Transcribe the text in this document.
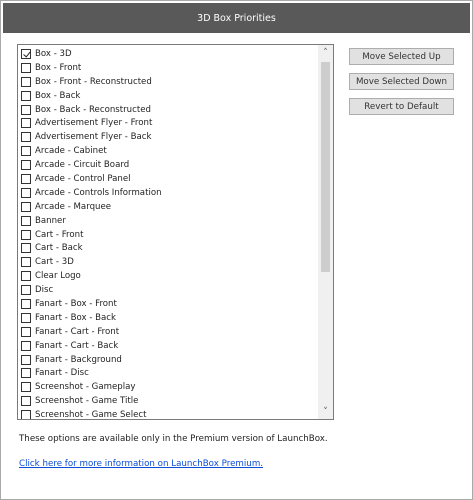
3D Box Priorities
Box - 3D
Box - Front
Box - Front - Reconstructed
Box - Back
Box - Back - Reconstructed
Advertisement Flyer - Front
Advertisement Flyer - Back
Arcade - Cabinet
Arcade - Circuit Board
Arcade - Control Panel
Arcade - Controls Information
Arcade - Marquee
Banner
Cart - Front
Cart - Back
Cart - 3D
Clear Logo
Disc
Fanart - Box - Front
Fanart - Box - Back
Fanart - Cart - Front
Fanart - Cart - Back
Fanart - Background
Fanart - Disc
Screenshot - Gameplay
Screenshot - Game Title
Screenshot - Game Select
˄
˅
Move Selected Up
Move Selected Down
Revert to Default
These options are available only in the Premium version of LaunchBox.
Click here for more information on LaunchBox Premium.
